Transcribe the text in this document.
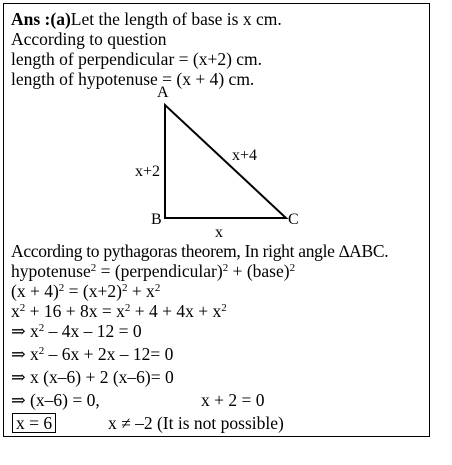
Ans :(a)Let the length of base is x cm.
According to question
length of perpendicular = (x+2) cm.
length of hypotenuse = (x + 4) cm.
A
B	C
x+2
x+4
x
According to pythagoras theorem, In right angle ∆ABC.
hypotenuse$^2$ = (perpendicular)$^2$ + (base)$^2$
$(x + 4)^2 = (x+2)^2 + x^2$
$x^2 + 16 + 8x = x^2 + 4 + 4x + x^2$
⇒ $x^2 - 4x - 12 = 0$
⇒ $x^2 - 6x + 2x - 12= 0$
⇒ x (x–6) + 2 (x–6)= 0
⇒ (x–6) = 0,	x + 2 = 0
x = 6	x ≠ –2 (It is not possible)
